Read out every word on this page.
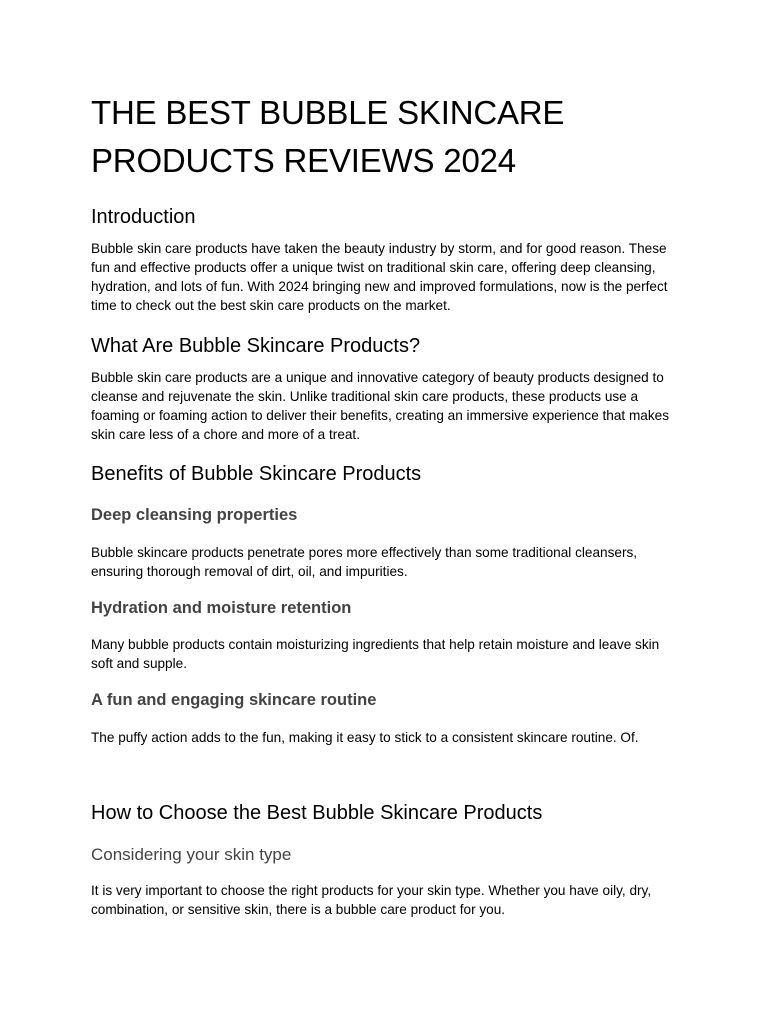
THE BEST BUBBLE SKINCARE PRODUCTS REVIEWS 2024
Introduction

Bubble skin care products have taken the beauty industry by storm, and for good reason. These fun and effective products offer a unique twist on traditional skin care, offering deep cleansing, hydration, and lots of fun. With 2024 bringing new and improved formulations, now is the perfect time to check out the best skin care products on the market.

What Are Bubble Skincare Products?

Bubble skin care products are a unique and innovative category of beauty products designed to cleanse and rejuvenate the skin. Unlike traditional skin care products, these products use a foaming or foaming action to deliver their benefits, creating an immersive experience that makes skin care less of a chore and more of a treat.

Benefits of Bubble Skincare Products
Deep cleansing properties

Bubble skincare products penetrate pores more effectively than some traditional cleansers, ensuring thorough removal of dirt, oil, and impurities.

Hydration and moisture retention

Many bubble products contain moisturizing ingredients that help retain moisture and leave skin soft and supple.

A fun and engaging skincare routine

The puffy action adds to the fun, making it easy to stick to a consistent skincare routine. Of.

How to Choose the Best Bubble Skincare Products
Considering your skin type

It is very important to choose the right products for your skin type. Whether you have oily, dry, combination, or sensitive skin, there is a bubble care product for you.
